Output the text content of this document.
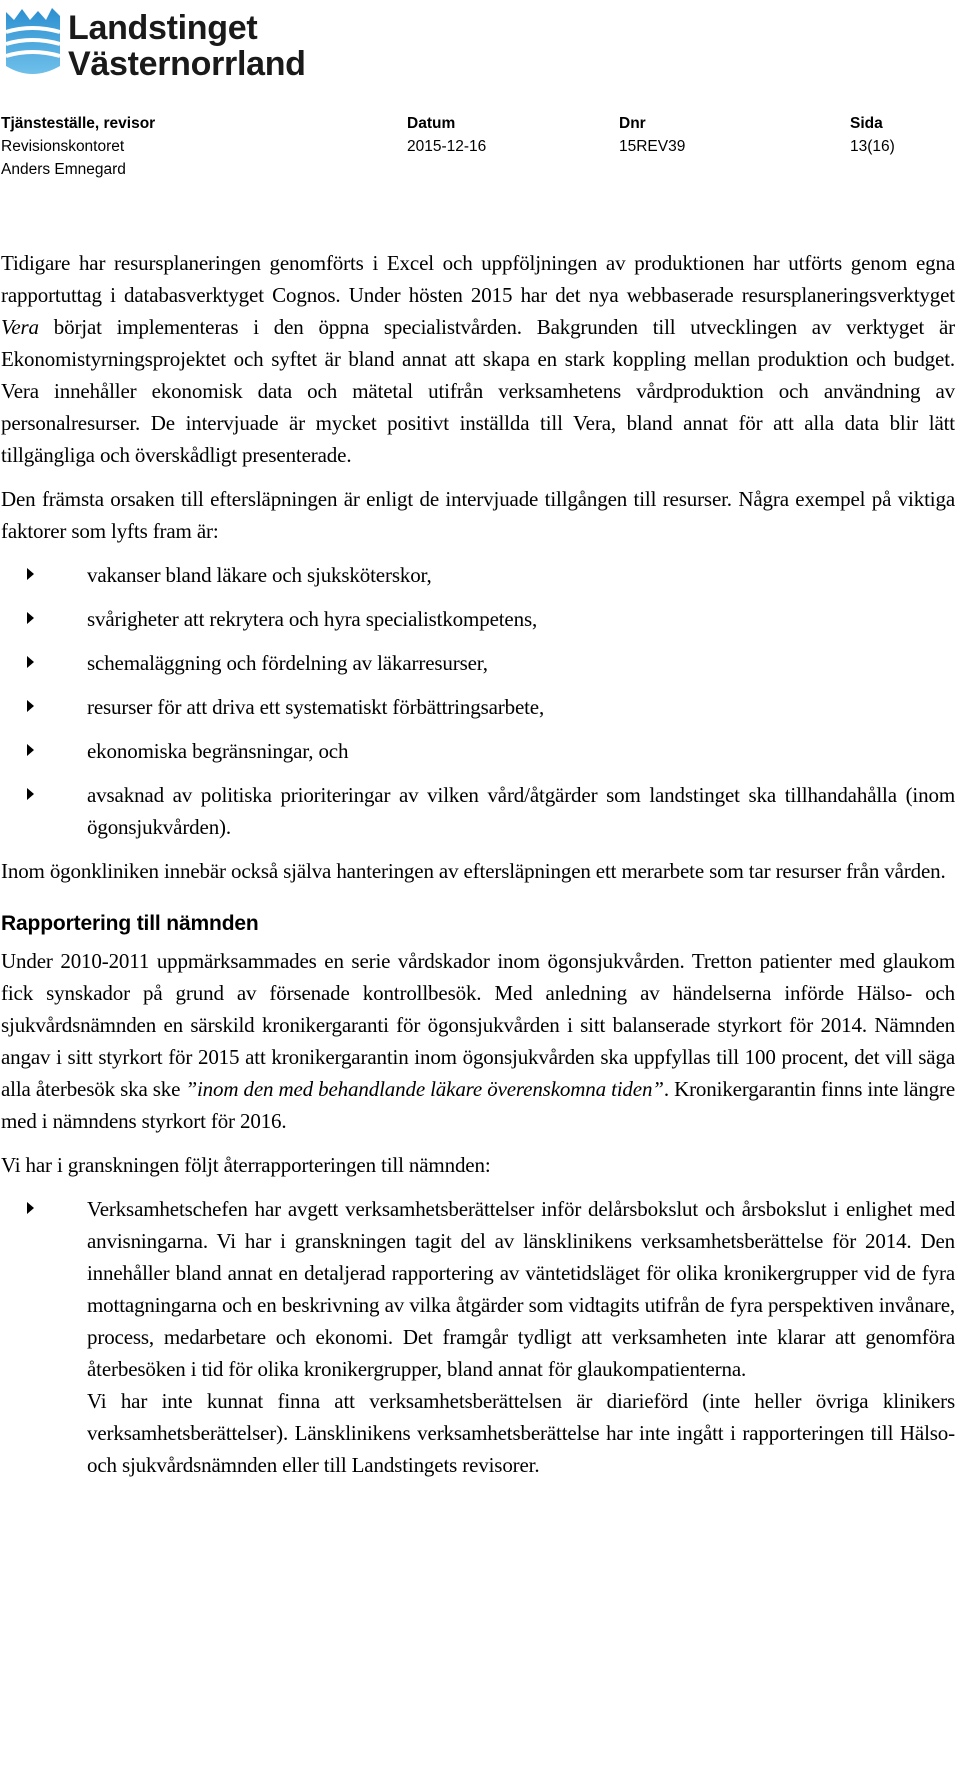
Landstinget
Västernorrland
Tjänsteställe, revisor
Revisionskontoret
Anders Emnegard
Datum
2015-12-16
Dnr
15REV39
Sida
13(16)

Tidigare har resursplaneringen genomförts i Excel och uppföljningen av produktionen har utförts genom egna rapportuttag i databasverktyget Cognos. Under hösten 2015 har det nya webbaserade resursplaneringsverktyget Vera börjat implementeras i den öppna specialistvården. Bakgrunden till utvecklingen av verktyget är Ekonomistyrningsprojektet och syftet är bland annat att skapa en stark koppling mellan produktion och budget. Vera innehåller ekonomisk data och mätetal utifrån verksamhetens vårdproduktion och användning av personalresurser. De intervjuade är mycket positivt inställda till Vera, bland annat för att alla data blir lätt tillgängliga och överskådligt presenterade.

Den främsta orsaken till eftersläpningen är enligt de intervjuade tillgången till resurser. Några exempel på viktiga faktorer som lyfts fram är:

vakanser bland läkare och sjuksköterskor,
svårigheter att rekrytera och hyra specialistkompetens,
schemaläggning och fördelning av läkarresurser,
resurser för att driva ett systematiskt förbättringsarbete,
ekonomiska begränsningar, och
avsaknad av politiska prioriteringar av vilken vård/åtgärder som landstinget ska tillhandahålla (inom ögonsjukvården).

Inom ögonkliniken innebär också själva hanteringen av eftersläpningen ett merarbete som tar resurser från vården.

Rapportering till nämnden

Under 2010-2011 uppmärksammades en serie vårdskador inom ögonsjukvården. Tretton patienter med glaukom fick synskador på grund av försenade kontrollbesök. Med anledning av händelserna införde Hälso- och sjukvårdsnämnden en särskild kronikergaranti för ögonsjukvården i sitt balanserade styrkort för 2014. Nämnden angav i sitt styrkort för 2015 att kronikergarantin inom ögonsjukvården ska uppfyllas till 100 procent, det vill säga alla återbesök ska ske ”inom den med behandlande läkare överenskomna tiden”. Kronikergarantin finns inte längre med i nämndens styrkort för 2016.

Vi har i granskningen följt återrapporteringen till nämnden:

Verksamhetschefen har avgett verksamhetsberättelser inför delårsbokslut och årsbokslut i enlighet med anvisningarna. Vi har i granskningen tagit del av länsklinikens verksamhetsberättelse för 2014. Den innehåller bland annat en detaljerad rapportering av väntetidsläget för olika kronikergrupper vid de fyra mottagningarna och en beskrivning av vilka åtgärder som vidtagits utifrån de fyra perspektiven invånare, process, medarbetare och ekonomi. Det framgår tydligt att verksamheten inte klarar att genomföra återbesöken i tid för olika kronikergrupper, bland annat för glaukompatienterna.

Vi har inte kunnat finna att verksamhetsberättelsen är diarieförd (inte heller övriga klinikers verksamhetsberättelser). Länsklinikens verksamhetsberättelse har inte ingått i rapporteringen till Hälso- och sjukvårdsnämnden eller till Landstingets revisorer.
